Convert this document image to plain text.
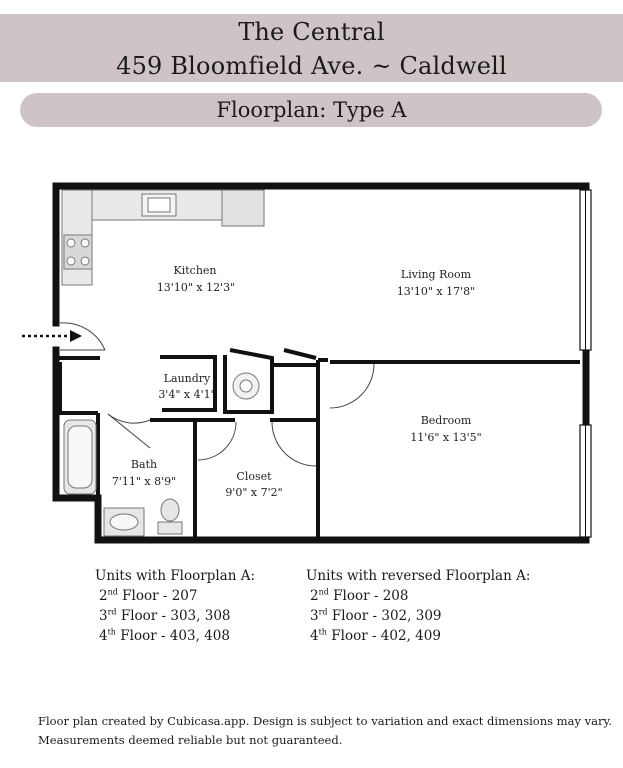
The Central
459 Bloomfield Ave. ~ Caldwell
Floorplan: Type A
Kitchen
13'10" x 12'3"
Living Room
13'10" x 17'8"
Laundry
3'4" x 4'1"
Bedroom
11'6" x 13'5"
Bath
7'11" x 8'9"	Closet
9'0" x 7'2"
Units with Floorplan A:
2nd Floor - 207
3rd Floor - 303, 308
4th Floor - 403, 408
Units with reversed Floorplan A:
2nd Floor - 208
3rd Floor - 302, 309
4th Floor - 402, 409
Floor plan created by Cubicasa.app. Design is subject to variation and exact dimensions may vary.
Measurements deemed reliable but not guaranteed.
